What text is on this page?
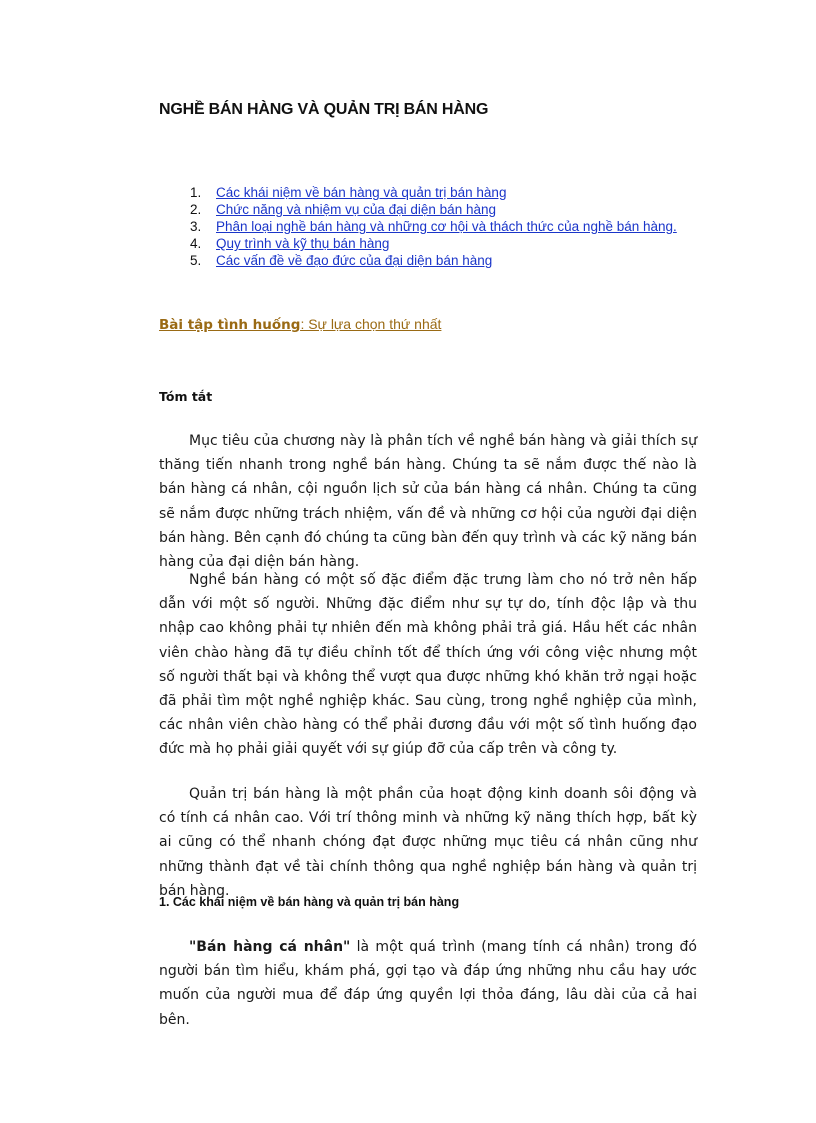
NGHỀ BÁN HÀNG VÀ QUẢN TRỊ BÁN HÀNG
1. Các khái niệm về bán hàng và quản trị bán hàng
2. Chức năng và nhiệm vụ của đại diện bán hàng
3. Phân loại nghề bán hàng và những cơ hội và thách thức của nghề bán hàng.
4. Quy trình và kỹ thụ bán hàng
5. Các vấn đề về đạo đức của đại diện bán hàng
Bài tập tình huống: Sự lựa chọn thứ nhất
Tóm tắt

Mục tiêu của chương này là phân tích về nghề bán hàng và giải thích sự thăng tiến nhanh trong nghề bán hàng. Chúng ta sẽ nắm được thế nào là bán hàng cá nhân, cội nguồn lịch sử của bán hàng cá nhân. Chúng ta cũng sẽ nắm được những trách nhiệm, vấn đề và những cơ hội của người đại diện bán hàng. Bên cạnh đó chúng ta cũng bàn đến quy trình và các kỹ năng bán hàng của đại diện bán hàng.

Nghề bán hàng có một số đặc điểm đặc trưng làm cho nó trở nên hấp dẫn với một số người. Những đặc điểm như sự tự do, tính độc lập và thu nhập cao không phải tự nhiên đến mà không phải trả giá. Hầu hết các nhân viên chào hàng đã tự điều chỉnh tốt để thích ứng với công việc nhưng một số người thất bại và không thể vượt qua được những khó khăn trở ngại hoặc đã phải tìm một nghề nghiệp khác. Sau cùng, trong nghề nghiệp của mình, các nhân viên chào hàng có thể phải đương đầu với một số tình huống đạo đức mà họ phải giải quyết với sự giúp đỡ của cấp trên và công ty.

Quản trị bán hàng là một phần của hoạt động kinh doanh sôi động và có tính cá nhân cao. Với trí thông minh và những kỹ năng thích hợp, bất kỳ ai cũng có thể nhanh chóng đạt được những mục tiêu cá nhân cũng như những thành đạt về tài chính thông qua nghề nghiệp bán hàng và quản trị bán hàng.

1. Các khái niệm về bán hàng và quản trị bán hàng

"Bán hàng cá nhân" là một quá trình (mang tính cá nhân) trong đó người bán tìm hiểu, khám phá, gợi tạo và đáp ứng những nhu cầu hay ước muốn của người mua để đáp ứng quyền lợi thỏa đáng, lâu dài của cả hai bên.
